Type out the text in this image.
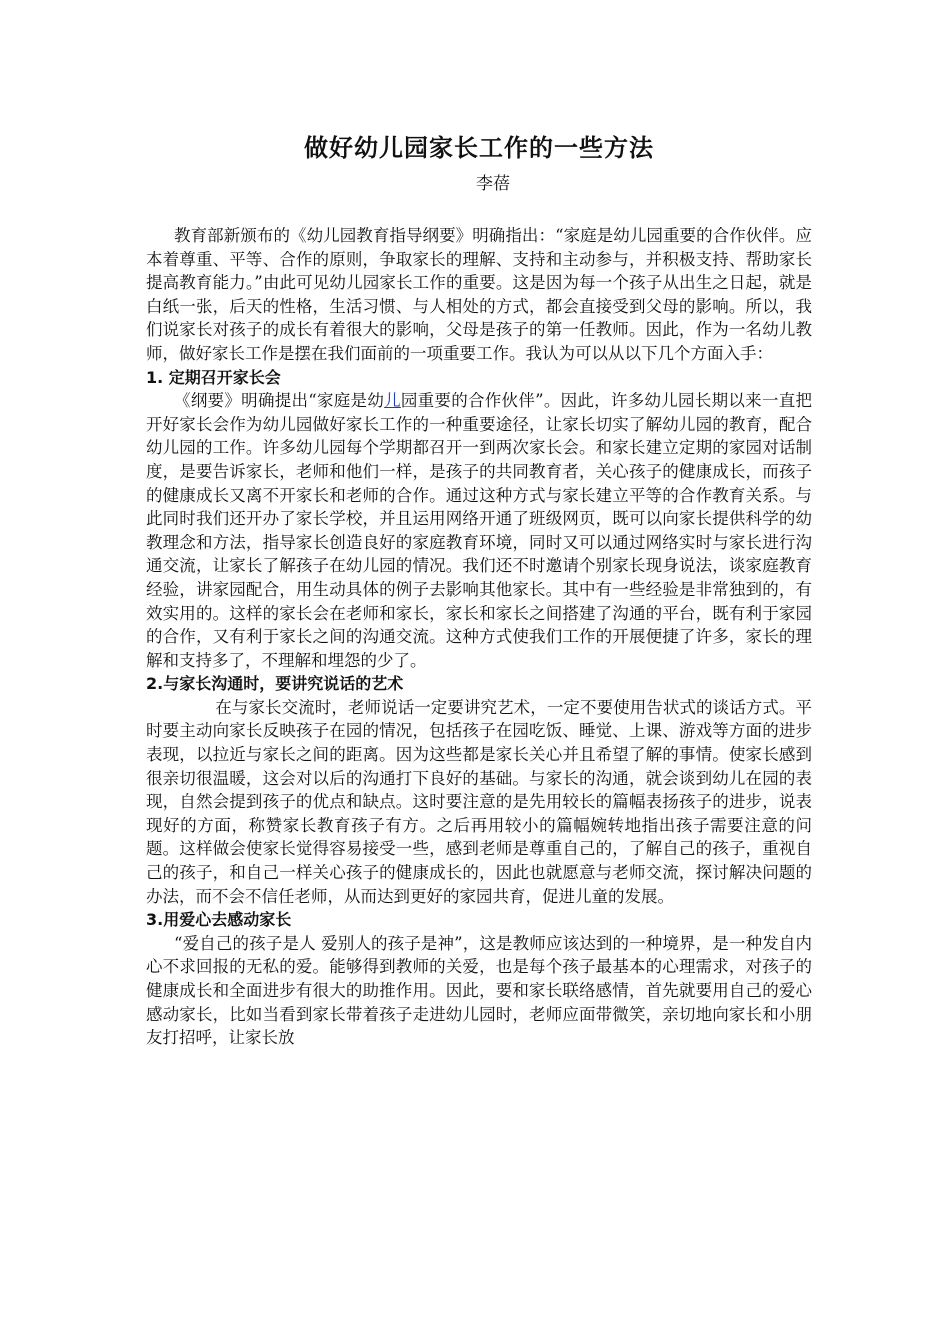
做好幼儿园家长工作的一些方法
李蓓

教育部新颁布的《幼儿园教育指导纲要》明确指出：“家庭是幼儿园重要的合作伙伴。应本着尊重、平等、合作的原则，争取家长的理解、支持和主动参与，并积极支持、帮助家长提高教育能力。”由此可见幼儿园家长工作的重要。这是因为每一个孩子从出生之日起，就是白纸一张，后天的性格，生活习惯、与人相处的方式，都会直接受到父母的影响。所以，我们说家长对孩子的成长有着很大的影响，父母是孩子的第一任教师。因此，作为一名幼儿教师，做好家长工作是摆在我们面前的一项重要工作。我认为可以从以下几个方面入手：

1. 定期召开家长会

《纲要》明确提出“家庭是幼儿园重要的合作伙伴”。因此，许多幼儿园长期以来一直把开好家长会作为幼儿园做好家长工作的一种重要途径，让家长切实了解幼儿园的教育，配合幼儿园的工作。许多幼儿园每个学期都召开一到两次家长会。和家长建立定期的家园对话制度，是要告诉家长，老师和他们一样，是孩子的共同教育者，关心孩子的健康成长，而孩子的健康成长又离不开家长和老师的合作。通过这种方式与家长建立平等的合作教育关系。与此同时我们还开办了家长学校，并且运用网络开通了班级网页，既可以向家长提供科学的幼教理念和方法，指导家长创造良好的家庭教育环境，同时又可以通过网络实时与家长进行沟通交流，让家长了解孩子在幼儿园的情况。我们还不时邀请个别家长现身说法，谈家庭教育经验，讲家园配合，用生动具体的例子去影响其他家长。其中有一些经验是非常独到的，有效实用的。这样的家长会在老师和家长，家长和家长之间搭建了沟通的平台，既有利于家园的合作，又有利于家长之间的沟通交流。这种方式使我们工作的开展便捷了许多，家长的理解和支持多了，不理解和埋怨的少了。

2.与家长沟通时，要讲究说话的艺术

在与家长交流时，老师说话一定要讲究艺术，一定不要使用告状式的谈话方式。平时要主动向家长反映孩子在园的情况，包括孩子在园吃饭、睡觉、上课、游戏等方面的进步表现，以拉近与家长之间的距离。因为这些都是家长关心并且希望了解的事情。使家长感到很亲切很温暖，这会对以后的沟通打下良好的基础。与家长的沟通，就会谈到幼儿在园的表现，自然会提到孩子的优点和缺点。这时要注意的是先用较长的篇幅表扬孩子的进步，说表现好的方面，称赞家长教育孩子有方。之后再用较小的篇幅婉转地指出孩子需要注意的问题。这样做会使家长觉得容易接受一些，感到老师是尊重自己的，了解自己的孩子，重视自己的孩子，和自己一样关心孩子的健康成长的，因此也就愿意与老师交流，探讨解决问题的办法，而不会不信任老师，从而达到更好的家园共育，促进儿童的发展。

3.用爱心去感动家长

“爱自己的孩子是人 爱别人的孩子是神”，这是教师应该达到的一种境界，是一种发自内心不求回报的无私的爱。能够得到教师的关爱，也是每个孩子最基本的心理需求，对孩子的健康成长和全面进步有很大的助推作用。因此，要和家长联络感情，首先就要用自己的爱心感动家长，比如当看到家长带着孩子走进幼儿园时，老师应面带微笑，亲切地向家长和小朋友打招呼，让家长放
